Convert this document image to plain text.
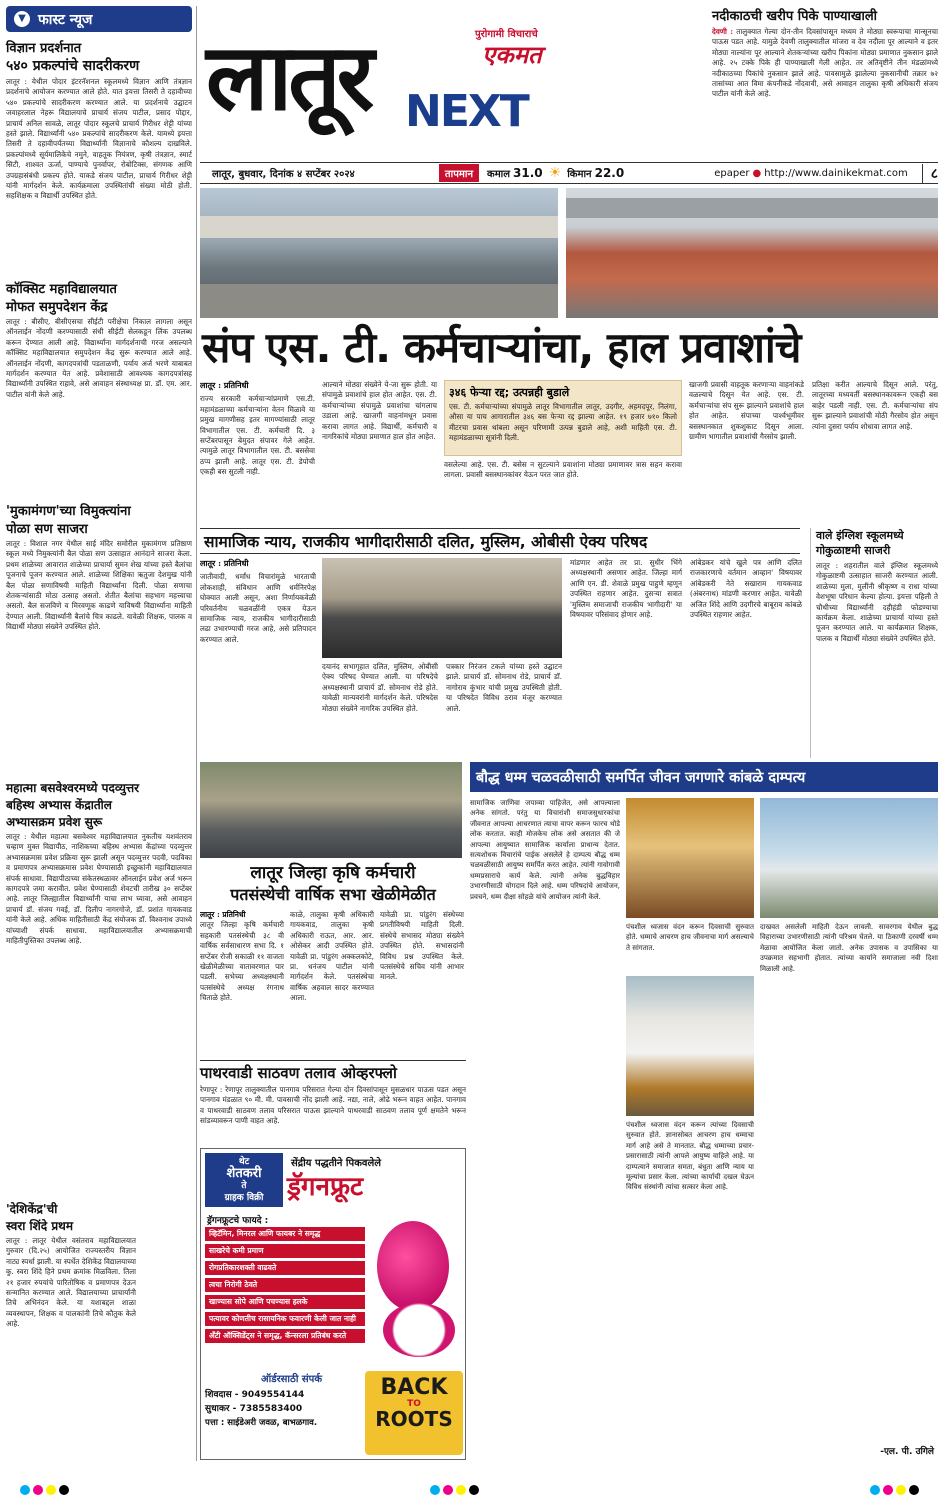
▼ फास्ट न्यूज
विज्ञान प्रदर्शनात
५४० प्रकल्पांचे सादरीकरण
लातूर : येथील पोदार इंटरनॅशनल स्कूलमध्ये विज्ञान आणि तंत्रज्ञान प्रदर्शनाचे आयोजन करण्यात आले होते. यात इयत्ता तिसरी ते दहावीच्या ५४० प्रकल्पांचे सादरीकरण करण्यात आले. या प्रदर्शनाचे उद्घाटन जवाहरलाल नेहरू विद्यालयाचे प्राचार्य संजय पाटील, प्रसाद पोद्दार, प्राचार्य अनिल सावळे, लातूर पोदार स्कूलचे प्राचार्य गिरीधर शेट्टी यांच्या हस्ते झाले. विद्यार्थ्यांनी ५४० प्रकल्पांचे सादरीकरण केले. यामध्ये इयत्ता तिसरी ते दहावीपर्यंतच्या विद्यार्थ्यांनी विज्ञानाचे कौशल्य दाखविले. प्रकल्पांमध्ये सूर्यमालिकेचे नमुने, वाहतूक नियंत्रण, कृषी तंत्रज्ञान, स्मार्ट सिटी, शाश्वत ऊर्जा, पाण्याचे पुनर्वापर, रोबोटिक्स, संगणक आणि उपग्रहासंबंधी प्रकल्प होते. याकडे संजय पाटील, प्राचार्य गिरीधर शेट्टी यांनी मार्गदर्शन केले. कार्यक्रमाला उपस्थितांची संख्या मोठी होती. सहशिक्षक व विद्यार्थी उपस्थित होते.
कॉक्सिट महाविद्यालयात
मोफत समुपदेशन केंद्र
लातूर : बीसीए, बीसीएसचा सीईटी परीक्षेचा निकाल लागला असून ऑनलाईन नोंदणी करण्यासाठी संधी सीईटी सेलकडून लिंक उपलब्ध करून देण्यात आली आहे. विद्यार्थ्यांना मार्गदर्शनाची गरज असल्याने कॉक्सिट महाविद्यालयात समुपदेशन केंद्र सुरू करण्यात आले आहे. ऑनलाईन नोंदणी, कागदपत्रांची पडताळणी, पर्याय अर्ज भरणे याबाबत मार्गदर्शन करण्यात येत आहे. प्रवेशासाठी आवश्यक कागदपत्रांसह विद्यार्थ्यांनी उपस्थित राहावे, असे आवाहन संस्थाध्यक्ष प्रा. डॉ. एम. आर. पाटील यांनी केले आहे.
'मुकामंगण'च्या विमुक्त्यांना
पोळा सण साजरा
लातूर : विशाल नगर येथील साई मंदिर समोरील मुकामंगण प्रतिष्ठाण स्कूल मध्ये निमुक्त्यांनी बैल पोळा सण उत्साहात आनंदाने साजरा केला. प्रथम शाळेच्या आवारात शाळेच्या प्राचार्या सुमन शेख यांच्या हस्ते बैलांचा पूजनाचे पूजन करण्यात आले. शाळेच्या शिक्षिका ऋतुजा देशमुख यांनी बैल पोळा सणाविषयी माहिती विद्यार्थ्यांना दिली. पोळा सणाचा शेतकऱ्यांसाठी मोठा उत्साह असतो. शेतीत बैलांचा सहभाग महत्त्वाचा असतो. बैल सजविणे व मिरवणूक काढणे याविषयी विद्यार्थ्यांना माहिती देण्यात आली. विद्यार्थ्यांनी बैलांचे चित्र काढले. यावेळी शिक्षक, पालक व विद्यार्थी मोठ्या संख्येने उपस्थित होते.
महात्मा बसवेश्वरमध्ये पदव्युत्तर
बहिस्थ अभ्यास केंद्रातील
अभ्यासक्रम प्रवेश सुरू
लातूर : येथील महात्मा बसवेश्वर महाविद्यालयात नुकतीच यशवंतराव चव्हाण मुक्त विद्यापीठ, नाशिकच्या बहिस्थ अभ्यास केंद्रांच्या पदव्युत्तर अभ्यासक्रमास प्रवेश प्रक्रिया सुरू झाली असून पदव्युत्तर पदवी, पदविका व प्रमाणपत्र अभ्यासक्रमास प्रवेश घेण्यासाठी इच्छुकांनी महाविद्यालयात संपर्क साधावा. विद्यापीठाच्या संकेतस्थळावर ऑनलाईन प्रवेश अर्ज भरून कागदपत्रे जमा करावीत. प्रवेश घेण्यासाठी शेवटची तारीख ३० सप्टेंबर आहे. लातूर जिल्ह्यातील विद्यार्थ्यांनी याचा लाभ घ्यावा, असे आवाहन प्राचार्य डॉ. संजय गवई, डॉ. दिलीप नागरगोजे, डॉ. प्रशांत गायकवाड यांनी केले आहे. अधिक माहितीसाठी केंद्र संयोजक डॉ. विश्वनाथ उपाध्ये यांच्याशी संपर्क साधावा. महाविद्यालयातील अभ्यासक्रमाची माहितीपुस्तिका उपलब्ध आहे.
'देशिकेंद्र'ची
स्वरा शिंदे प्रथम
लातूर : लातूर येथील वसंतराव महाविद्यालयात गुरुवार (दि.२५) आयोजित राज्यस्तरीय विज्ञान नाट्य स्पर्धा झाली. या स्पर्धेत देशिकेंद्र विद्यालयाच्या कु. स्वरा शिंदे हिने प्रथम क्रमांक मिळविला. तिला २१ हजार रुपयांचे पारितोषिक व प्रमाणपत्र देऊन सन्मानित करण्यात आले. विद्यालयाच्या प्राचार्यांनी तिचे अभिनंदन केले. या यशाबद्दल शाळा व्यवस्थापन, शिक्षक व पालकांनी तिचे कौतुक केले आहे.
लातूर	पुरोगामी विचाराचे
एकमत
NEXT
नदीकाठची खरीप पिके पाण्याखाली
देवणी : तालुक्यात गेल्या दोन-तीन दिवसांपासून मध्यम ते मोठ्या स्वरूपाचा मान्सूनचा पाऊस पडत आहे. यामुळे देवणी तालुक्यातील मांजरा व देव नदीला पूर आल्याने व इतर मोठ्या नाल्यांना पूर आल्याने शेतकऱ्यांच्या खरीप पिकांना मोठ्या प्रमाणात नुकसान झाले आहे. २५ टक्के पिके ही पाण्याखाली गेली आहेत. तर अतिवृष्टीने तीन मंडळांमध्ये नदीकाठच्या पिकांचे नुकसान झाले आहे. पावसामुळे झालेल्या नुकसानीची तक्रार ७२ तासांच्या आत विमा कंपनीकडे नोंदवावी, असे आवाहन तालुका कृषी अधिकारी संजय पाटील यांनी केले आहे.
लातूर, बुधवार, दिनांक ४ सप्टेंबर २०२४	तापमान	कमाल 31.0 ☀ किमान 22.0	epaper ● http://www.dainikekmat.com	८
संप एस. टी. कर्मचाऱ्यांचा, हाल प्रवाशांचे
लातूर : प्रतिनिधी
राज्य सरकारी कर्मचाऱ्यांप्रमाणे एस.टी. महामंडळाच्या कर्मचाऱ्यांना वेतन मिळावे या प्रमुख मागणीसह इतर मागण्यांसाठी लातूर विभागातील एस. टी. कर्मचारी दि. ३ सप्टेंबरपासून बेमुदत संपावर गेले आहेत. त्यामुळे लातूर विभागातील एस. टी. बससेवा ठप्प झाली आहे. लातूर एस. टी. डेपोची एकही बस सुटली नाही.
आल्याने मोठ्या संख्येने ये-जा सुरू होती. या संपामुळे प्रवाशांचे हाल होत आहेत. एस. टी. कर्मचाऱ्यांच्या संपामुळे प्रवाशांचा चांगलाच उडाला आहे. खाजगी वाहनांमधून प्रवास करावा लागत आहे. विद्यार्थी, कर्मचारी व नागरिकांचे मोठ्या प्रमाणात हाल होत आहेत.
३४६ फेऱ्या रद्द; उत्पन्नही बुडाले
एस. टी. कर्मचाऱ्यांच्या संपामुळे लातूर विभागातील लातूर, उदगीर, अहमदपूर, निलंगा, औसा या पाच आगारातील ३४६ बस फेऱ्या रद्द झाल्या आहेत. १९ हजार ७१० किलो मीटरचा प्रवास थांबला असून परिणामी उत्पन्न बुडाले आहे, अशी माहिती एस. टी. महामंडळाच्या सूत्रांनी दिली.
वसलेल्या आहे. एस. टी. बसेस न सुटल्याने प्रवाशांना मोठ्या प्रमाणावर त्रास सहन करावा लागला. प्रवासी बसस्थानकांवर येऊन परत जात होते.
खाजगी प्रवासी वाहतूक करणाऱ्या वाहनांकडे वळल्याचे दिसून येत आहे. एस. टी. कर्मचाऱ्यांचा संप सुरू झाल्याने प्रवाशांचे हाल होत आहेत. संपाच्या पार्श्वभूमीवर बसस्थानकात शुकशुकाट दिसून आला. ग्रामीण भागातील प्रवाशांची गैरसोय झाली.
प्रतिक्षा करीत आल्याचे दिसून आले. परंतु, लातूरच्या मध्यवर्ती बसस्थानकावरून एकही बस बाहेर पडली नाही. एस. टी. कर्मचाऱ्यांचा संप सुरू झाल्याने प्रवाशांची मोठी गैरसोय होत असून त्यांना दुसरा पर्याय शोधावा लागत आहे.
सामाजिक न्याय, राजकीय भागीदारीसाठी दलित, मुस्लिम, ओबीसी ऐक्य परिषद
लातूर : प्रतिनिधी
जातीवादी, धर्मांध विचारांमुळे भारताची लोकशाही, संविधान आणि धर्मनिरपेक्ष घोक्यात आली असून, अशा निर्णायकवेळी परिवर्तनीय चळवळींनी एकत्र येऊन सामाजिक न्याय, राजकीय भागीदारीसाठी लढा उभारण्याची गरज आहे, असे प्रतिपादन करण्यात आले.
दयानंद सभागृहात दलित, मुस्लिम, ओबीसी ऐक्य परिषद घेण्यात आली. या परिषदेचे अध्यक्षस्थानी प्राचार्य डॉ. सोमनाथ रोडे होते. यावेळी मान्यवरांनी मार्गदर्शन केले. परिषदेस मोठ्या संख्येने नागरिक उपस्थित होते.
पत्रकार निरंजन टकले यांच्या हस्ते उद्घाटन झाले. प्राचार्य डॉ. सोमनाथ रोडे, प्राचार्य डॉ. नागोराव कुंभार यांची प्रमुख उपस्थिती होती. या परिषदेत विविध ठराव मंजूर करण्यात आले.
मांडणार आहेत तर प्रा. सुधीर भिंगे अध्यक्षस्थानी असणार आहेत. जिल्हा मार्ग आणि एन. डी. शेवाळे प्रमुख पाहुणे म्हणून उपस्थित राहणार आहेत. दुसऱ्या सत्रात 'मुस्लिम समाजाची राजकीय भागीदारी' या विषयावर परिसंवाद होणार आहे.
आंबेडकर यांचे खुले पत्र आणि दलित राजकारणाचे वर्तमान आव्हान' विषयावर आंबेडकरी नेते सखाराम गायकवाड (अंबरनाथ) मांडणी करणार आहेत. यावेळी अजित शिंदे आणि उदगीरचे बाबूराव कांबळे उपस्थित राहणार आहेत.
वाले इंग्लिश स्कूलमध्ये
गोकुळाष्टमी साजरी
लातूर : शहरातील वाले इंग्लिश स्कूलमध्ये गोकुळाष्टमी उत्साहात साजरी करण्यात आली. शाळेच्या मुला, मुलींनी श्रीकृष्ण व राधा यांच्या वेशभूषा परिधान केल्या होत्या. इयत्ता पहिली ते चौथीच्या विद्यार्थ्यांनी दहीहंडी फोडण्याचा कार्यक्रम केला. शाळेच्या प्राचार्या यांच्या हस्ते पूजन करण्यात आले. या कार्यक्रमात शिक्षक, पालक व विद्यार्थी मोठ्या संख्येने उपस्थित होते.
लातूर जिल्हा कृषि कर्मचारी
पतसंस्थेची वार्षिक सभा खेळीमेळीत
लातूर : प्रतिनिधी
लातूर जिल्हा कृषि कर्मचारी सहकारी पतसंस्थेची ३८ वी वार्षिक सर्वसाधारण सभा दि. १ सप्टेंबर रोजी सकाळी ११ वाजता खेळीमेळीच्या वातावरणात पार पडली. सभेच्या अध्यक्षस्थानी पतसंस्थेचे अध्यक्ष रंगनाथ चिताळे होते.
काळे, तालुका कृषी अधिकारी गायकवाड, तालुका कृषी अधिकारी राऊत, आर. आर. ओसेकर आदी उपस्थित होते. यावेळी प्रा. पांडुरंग अक्कलकोटे, प्रा. धनंजय पाटील यांनी मार्गदर्शन केले. पतसंस्थेचा वार्षिक अहवाल सादर करण्यात आला.
यावेळी प्रा. पांडुरंग संस्थेच्या प्रगतीविषयी माहिती दिली. संस्थेचे सभासद मोठ्या संख्येने उपस्थित होते. सभासदांनी विविध प्रश्न उपस्थित केले. पतसंस्थेचे सचिव यांनी आभार मानले.
पाथरवाडी साठवण तलाव ओव्हरफ्लो
रेणापूर : रेणापूर तालुक्यातील पानगाव परिसरात गेल्या दोन दिवसांपासून मुसळधार पाऊस पडत असून पानगाव मंडळात ९० मी. मी. पावसाची नोंद झाली आहे. नद्या, नाले, ओढे भरून वाहत आहेत. पानगाव व पाथरवाडी साठवण तलाव परिसरात पाऊस झाल्याने पाथरवाडी साठवण तलाव पूर्ण क्षमतेने भरून सांडव्यावरून पाणी वाहत आहे.
बौद्ध धम्म चळवळीसाठी समर्पित जीवन जगणारे कांबळे दाम्पत्य
सामाजिक जाणिवा जपाव्या पाहिजेत, असे आपल्याला अनेक सांगतो. परंतु या विचारांशी समाजसुधारकांचा जीवनात आपल्या आचरणात त्याचा वापर करून फारच थोडे लोक करतात. काही मोजकेच लोक असे असतात की जे आपल्या आयुष्यात सामाजिक कार्याला प्राधान्य देतात. सत्यशोधक विचारांचे पाईक असलेले हे दाम्पत्य बौद्ध धम्म चळवळीसाठी आयुष्य समर्पित करत आहेत. त्यांनी गावोगावी धम्मप्रसाराचे कार्य केले. त्यांनी अनेक बुद्धविहार उभारणीसाठी योगदान दिले आहे. धम्म परिषदांचे आयोजन, प्रवचने, धम्म दीक्षा सोहळे यांचे आयोजन त्यांनी केले.
पंचशील ध्वजास वंदन करून दिवसाची सुरुवात होते. धम्माचे आचरण हाच जीवनाचा मार्ग असल्याचे ते सांगतात.
पंचशील ध्वजास वंदन करून त्यांच्या दिवसाची सुरुवात होते. ज्ञानासोबत आचरण हाच धम्माचा मार्ग आहे असे ते मानतात. बौद्ध धम्माच्या प्रचार-प्रसारासाठी त्यांनी आपले आयुष्य वाहिले आहे. या दाम्पत्याने समाजात समता, बंधुता आणि न्याय या मूल्यांचा प्रसार केला. त्यांच्या कार्याची दखल घेऊन विविध संस्थांनी त्यांचा सत्कार केला आहे.
दाखवत असलेली माहिती देऊन लावली. सावरगाव येथील बुद्ध विहाराच्या उभारणीसाठी त्यांनी परिश्रम घेतले. या ठिकाणी दरवर्षी धम्म मेळावा आयोजित केला जातो. अनेक उपासक व उपासिका या उपक्रमात सहभागी होतात. त्यांच्या कार्याने समाजाला नवी दिशा मिळाली आहे.
-एल. पी. उगिले
थेट
शेतकरी
ते
ग्राहक विक्री
सेंद्रीय पद्धतीने पिकवलेले
ड्रॅगनफ्रूट
ड्रॅगनफ्रूटचे फायदे :
व्हिटॅमिन, मिनरल आणि फायबर ने समृद्ध
साखरेचे कमी प्रमाण
रोगप्रतिकारशक्ती वाढवते
त्वचा निरोगी ठेवते
खाण्यास सोपे आणि पचण्यास हलके
पत्‍यावर कोणतीच रासायनिक फवारणी केली जात नाही
अँटी ऑक्सिडेंट्स ने समृद्ध, कॅन्सरला प्रतिबंध करते
ऑर्डरसाठी संपर्क
शिवदास - 9049554144
सुधाकर - 7385583400
पत्ता : साईडेअरी जवळ, बाभळगाव.
BACK
TO
ROOTS
